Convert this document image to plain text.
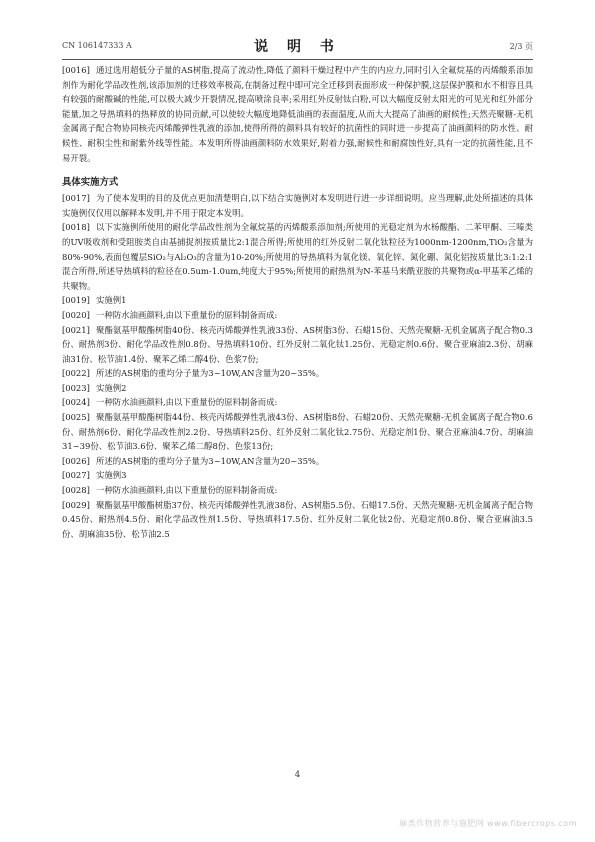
CN 106147333 A	说 明 书	2/3 页
[0016] 通过选用超低分子量的AS树脂,提高了流动性,降低了颜料干燥过程中产生的内应力,同时引入全氟烷基的丙烯酸系添加剂作为耐化学品改性剂,该添加剂的迁移效率极高,在制备过程中即可完全迁移到表面形成一种保护膜,这层保护膜和水不相容且具有较强的耐酸碱的性能,可以极大减少开裂情况,提高喷涂良率;采用红外反射钛白粉,可以大幅度反射太阳光的可见光和红外部分能量,加之导热填料的热释放的协同贡献,可以使较大幅度地降低油画的表面温度,从而大大提高了油画的耐候性;天然壳聚糖-无机金属离子配合物协同核壳丙烯酸弹性乳液的添加,使得所得的颜料具有较好的抗菌性的同时进一步提高了油画颜料的防水性、耐候性、耐积尘性和耐紫外线等性能。本发明所得油画颜料防水效果好,附着力强,耐候性和耐腐蚀性好,具有一定的抗菌性能,且不易开裂。
具体实施方式
[0017] 为了使本发明的目的及优点更加清楚明白,以下结合实施例对本发明进行进一步详细说明。应当理解,此处所描述的具体实施例仅仅用以解释本发明,并不用于限定本发明。
[0018] 以下实施例所使用的耐化学品改性剂为全氟烷基的丙烯酸系添加剂;所使用的光稳定剂为水杨酸酯、二苯甲酮、三嗪类的UV吸收剂和受阻胺类自由基捕捉剂按质量比2:1混合所得;所使用的红外反射二氧化钛粒径为1000nm-1200nm,TiO₂含量为80%-90%,表面包覆层SiO₂与Al₂O₃的含量为10-20%;所使用的导热填料为氧化镁、氧化锌、氮化硼、氮化铝按质量比3:1:2:1混合所得,所述导热填料的粒径在0.5um-1.0um,纯度大于95%;所使用的耐热剂为N-苯基马来酰亚胺的共聚物或α-甲基苯乙烯的共聚物。
[0019] 实施例1
[0020] 一种防水油画颜料,由以下重量份的原料制备而成:
[0021] 聚酯氨基甲酸酯树脂40份、核壳丙烯酸弹性乳液33份、AS树脂3份、石蜡15份、天然壳聚糖-无机金属离子配合物0.3份、耐热剂3份、耐化学品改性剂0.8份、导热填料10份、红外反射二氧化钛1.25份、光稳定剂0.6份、聚合亚麻油2.3份、胡麻油31份、松节油1.4份、聚苯乙烯二醇4份、色浆7份;
[0022] 所述的AS树脂的重均分子量为3~10W,AN含量为20~35%。
[0023] 实施例2
[0024] 一种防水油画颜料,由以下重量份的原料制备而成:
[0025] 聚酯氨基甲酸酯树脂44份、核壳丙烯酸弹性乳液43份、AS树脂8份、石蜡20份、天然壳聚糖-无机金属离子配合物0.6份、耐热剂6份、耐化学品改性剂2.2份、导热填料25份、红外反射二氧化钛2.75份、光稳定剂1份、聚合亚麻油4.7份、胡麻油31~39份、松节油3.6份、聚苯乙烯二醇8份、色浆13份;
[0026] 所述的AS树脂的重均分子量为3~10W,AN含量为20~35%。
[0027] 实施例3
[0028] 一种防水油画颜料,由以下重量份的原料制备而成:
[0029] 聚酯氨基甲酸酯树脂37份、核壳丙烯酸弹性乳液38份、AS树脂5.5份、石蜡17.5份、天然壳聚糖-无机金属离子配合物0.45份、耐热剂4.5份、耐化学品改性剂1.5份、导热填料17.5份、红外反射二氧化钛2份、光稳定剂0.8份、聚合亚麻油3.5份、胡麻油35份、松节油2.5
4
麻类作物营养与施肥网 www.fibercrops.com
